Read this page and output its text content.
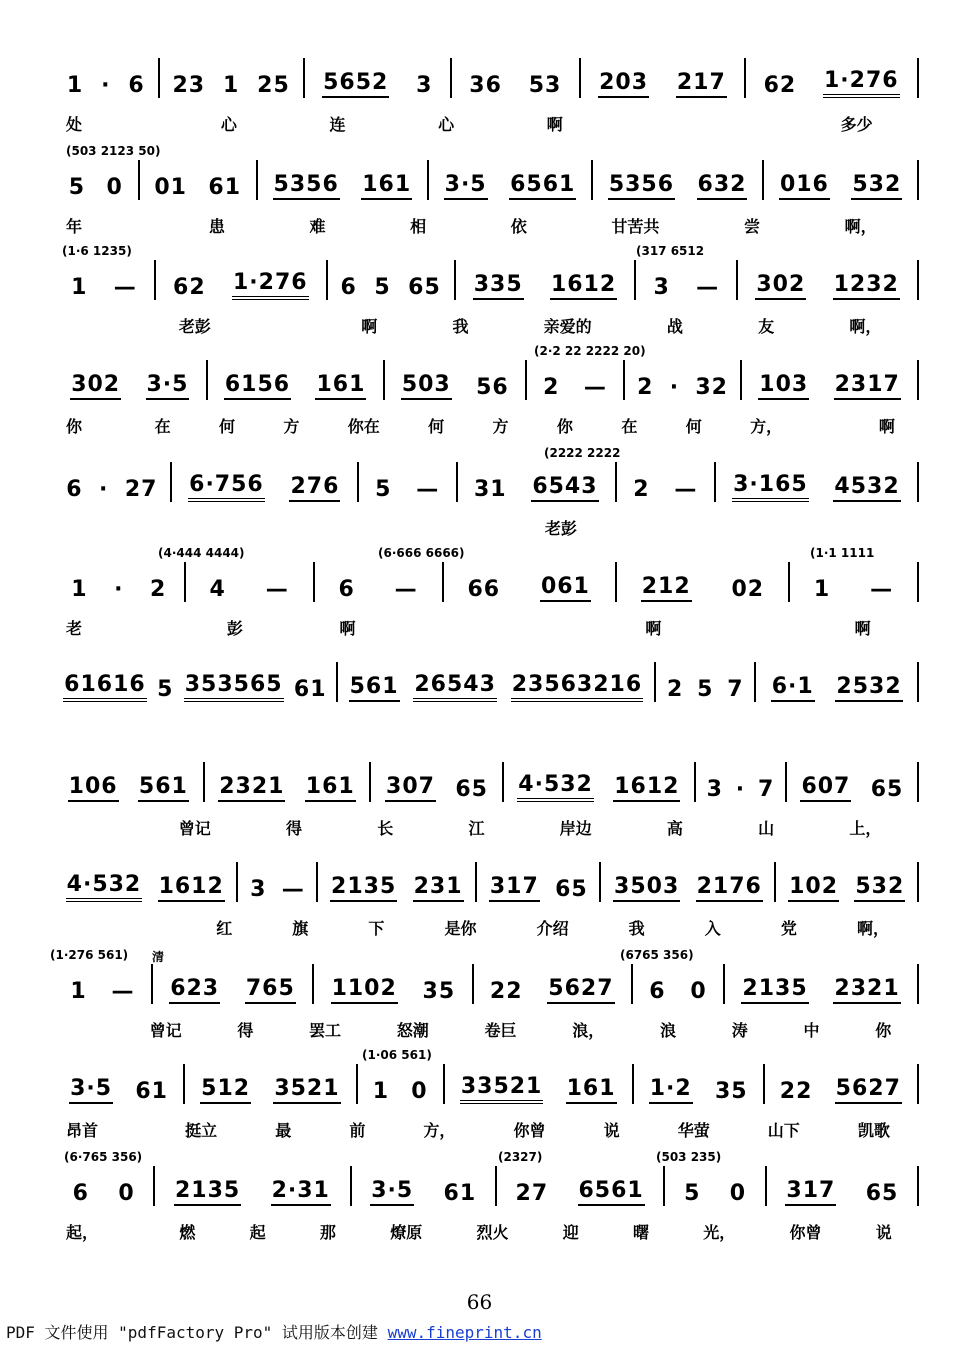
1 · 6 23 1 25 5652 3 36 53 203 217 62 1·276
处	心	连	心	啊	多少
5 0 01 61 5356 161 3·5 6561 5356 632 016 532
年	患	难	相	依	甘苦共	尝	啊，
(503 2123 50)
1 — 62 1·276 6 5 65 335 1612 3 — 302 1232
老彭	啊	我	亲爱的	战	友	啊，
(1·6 1235)	(317 6512
302 3·5 6156 161 503 56 2 — 2 · 32 103 2317
你	在	何	方	你在	何	方	你	在	何	方，	啊
(2·2 22 2222 20)
6 · 27 6·756 276 5 — 31 6543 2 — 3·165 4532
老彭
(2222 2222
1 · 2 4 — 6 — 66 061 212 02 1 —
老	彭	啊	啊	啊
(4·444 4444)	(6·666 6666)	(1·1 1111
61616 5 353565 61 561 26543 23563216 2 5 7 6·1 2532
106 561 2321 161 307 65 4·532 1612 3 · 7 607 65
曾记	得	长	江	岸边	高	山	上，
4·532 1612 3 — 2135 231 317 65 3503 2176 102 532
红	旗	下	是你	介绍	我	入	党	啊，
1 — 623 765 1102 35 22 5627 6 0 2135 2321
曾记	得	罢工	怒潮	卷巨	浪，	浪	涛	中	你
(1·276 561) 清	(6765 356)
3·5 61 512 3521 1 0 33521 161 1·2 35 22 5627
昂首	挺立	最	前	方，	你曾	说	华萤	山下	凯歌
(1·06 561)
6 0 2135 2·31 3·5 61 27 6561 5 0 317 65
起，	燃	起	那	燎原	烈火	迎	曙	光，	你曾	说
(6·765 356)	(2327)	(503 235)
66
PDF 文件使用 "pdfFactory Pro" 试用版本创建 www.fineprint.cn
